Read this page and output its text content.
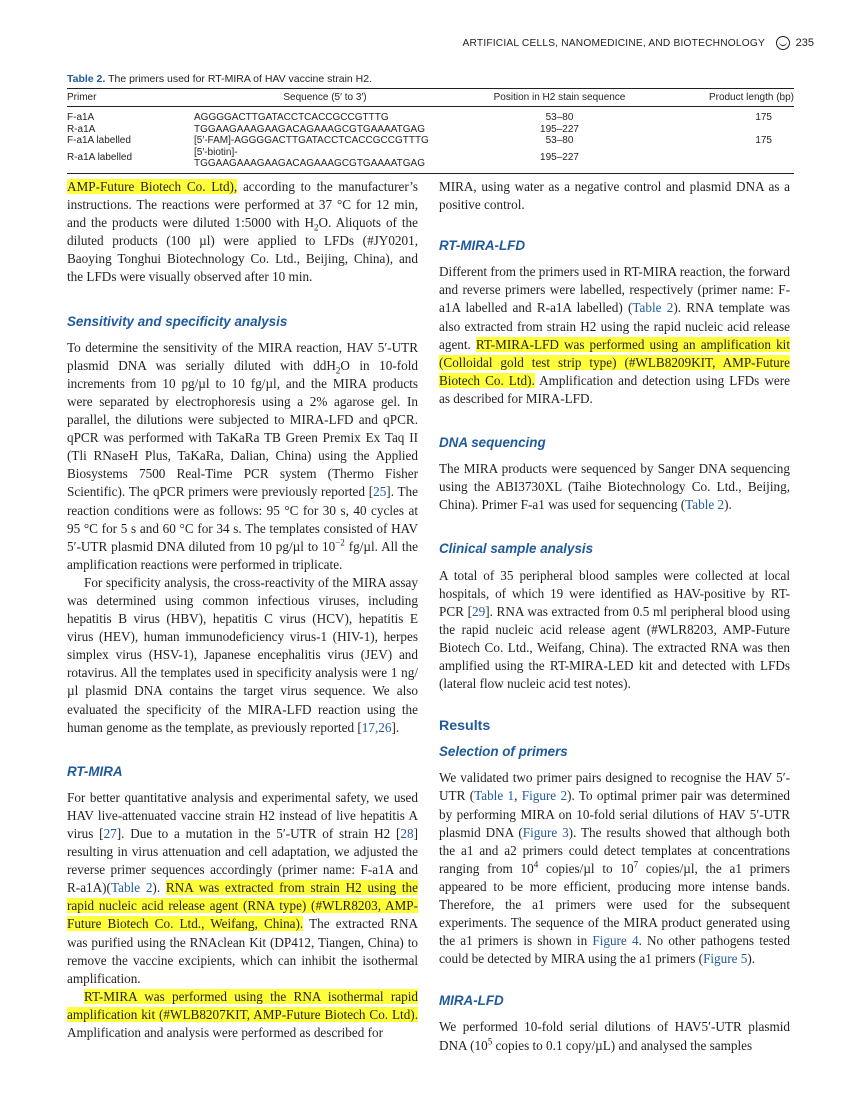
ARTIFICIAL CELLS, NANOMEDICINE, AND BIOTECHNOLOGY	235
Table 2. The primers used for RT-MIRA of HAV vaccine strain H2.
Primer	Sequence (5′ to 3′)	Position in H2 stain sequence	Product length (bp)
F-a1A	AGGGGACTTGATACCTCACCGCCGTTTG	53–80	175
R-a1A	TGGAAGAAAGAAGACAGAAAGCGTGAAAATGAG	195–227	
F-a1A labelled	[5′-FAM]-AGGGGACTTGATACCTCACCGCCGTTTG	53–80	175
R-a1A labelled	[5′-biotin]-TGGAAGAAAGAAGACAGAAAGCGTGAAAATGAG	195–227	

AMP-Future Biotech Co. Ltd), according to the manufacturer’s instructions. The reactions were performed at 37 °C for 12 min, and the products were diluted 1:5000 with $H_2O$. Aliquots of the diluted products (100 µl) were applied to LFDs (#JY0201, Baoying Tonghui Biotechnology Co. Ltd., Beijing, China), and the LFDs were visually observed after 10 min.

Sensitivity and specificity analysis

To determine the sensitivity of the MIRA reaction, HAV 5′-UTR plasmid DNA was serially diluted with ddH$_2$O in 10-fold increments from 10 pg/µl to 10 fg/µl, and the MIRA products were separated by electrophoresis using a 2% agarose gel. In parallel, the dilutions were subjected to MIRA-LFD and qPCR. qPCR was performed with TaKaRa TB Green Premix Ex Taq II (Tli RNaseH Plus, TaKaRa, Dalian, China) using the Applied Biosystems 7500 Real-Time PCR system (Thermo Fisher Scientific). The qPCR primers were previously reported [25]. The reaction conditions were as follows: 95 °C for 30 s, 40 cycles at 95 °C for 5 s and 60 °C for 34 s. The templates consisted of HAV 5′-UTR plasmid DNA diluted from 10 pg/µl to $10^{-2}$ fg/µl. All the amplification reactions were performed in triplicate.

For specificity analysis, the cross-reactivity of the MIRA assay was determined using common infectious viruses, including hepatitis B virus (HBV), hepatitis C virus (HCV), hepatitis E virus (HEV), human immunodeficiency virus-1 (HIV-1), herpes simplex virus (HSV-1), Japanese encephalitis virus (JEV) and rotavirus. All the templates used in specificity analysis were 1 ng/µl plasmid DNA contains the target virus sequence. We also evaluated the specificity of the MIRA-LFD reaction using the human genome as the template, as previously reported [17,26].

RT-MIRA

For better quantitative analysis and experimental safety, we used HAV live-attenuated vaccine strain H2 instead of live hepatitis A virus [27]. Due to a mutation in the 5′-UTR of strain H2 [28] resulting in virus attenuation and cell adaptation, we adjusted the reverse primer sequences accordingly (primer name: F-a1A and R-a1A)(Table 2). RNA was extracted from strain H2 using the rapid nucleic acid release agent (RNA type) (#WLR8203, AMP-Future Biotech Co. Ltd., Weifang, China). The extracted RNA was purified using the RNAclean Kit (DP412, Tiangen, China) to remove the vaccine excipients, which can inhibit the isothermal amplification.

RT-MIRA was performed using the RNA isothermal rapid amplification kit (#WLB8207KIT, AMP-Future Biotech Co. Ltd). Amplification and analysis were performed as described for

MIRA, using water as a negative control and plasmid DNA as a positive control.

RT-MIRA-LFD

Different from the primers used in RT-MIRA reaction, the forward and reverse primers were labelled, respectively (primer name: F-a1A labelled and R-a1A labelled) (Table 2). RNA template was also extracted from strain H2 using the rapid nucleic acid release agent. RT-MIRA-LFD was performed using an amplification kit (Colloidal gold test strip type) (#WLB8209KIT, AMP-Future Biotech Co. Ltd). Amplification and detection using LFDs were as described for MIRA-LFD.

DNA sequencing

The MIRA products were sequenced by Sanger DNA sequencing using the ABI3730XL (Taihe Biotechnology Co. Ltd., Beijing, China). Primer F-a1 was used for sequencing (Table 2).

Clinical sample analysis

A total of 35 peripheral blood samples were collected at local hospitals, of which 19 were identified as HAV-positive by RT-PCR [29]. RNA was extracted from 0.5 ml peripheral blood using the rapid nucleic acid release agent (#WLR8203, AMP-Future Biotech Co. Ltd., Weifang, China). The extracted RNA was then amplified using the RT-MIRA-LED kit and detected with LFDs (lateral flow nucleic acid test notes).

Results

Selection of primers

We validated two primer pairs designed to recognise the HAV 5′-UTR (Table 1, Figure 2). To optimal primer pair was determined by performing MIRA on 10-fold serial dilutions of HAV 5′-UTR plasmid DNA (Figure 3). The results showed that although both the a1 and a2 primers could detect templates at concentrations ranging from $10^4$ copies/µl to $10^7$ copies/µl, the a1 primers appeared to be more efficient, producing more intense bands. Therefore, the a1 primers were used for the subsequent experiments. The sequence of the MIRA product generated using the a1 primers is shown in Figure 4. No other pathogens tested could be detected by MIRA using the a1 primers (Figure 5).

MIRA-LFD

We performed 10-fold serial dilutions of HAV5′-UTR plasmid DNA ($10^5$ copies to 0.1 copy/µL) and analysed the samples
